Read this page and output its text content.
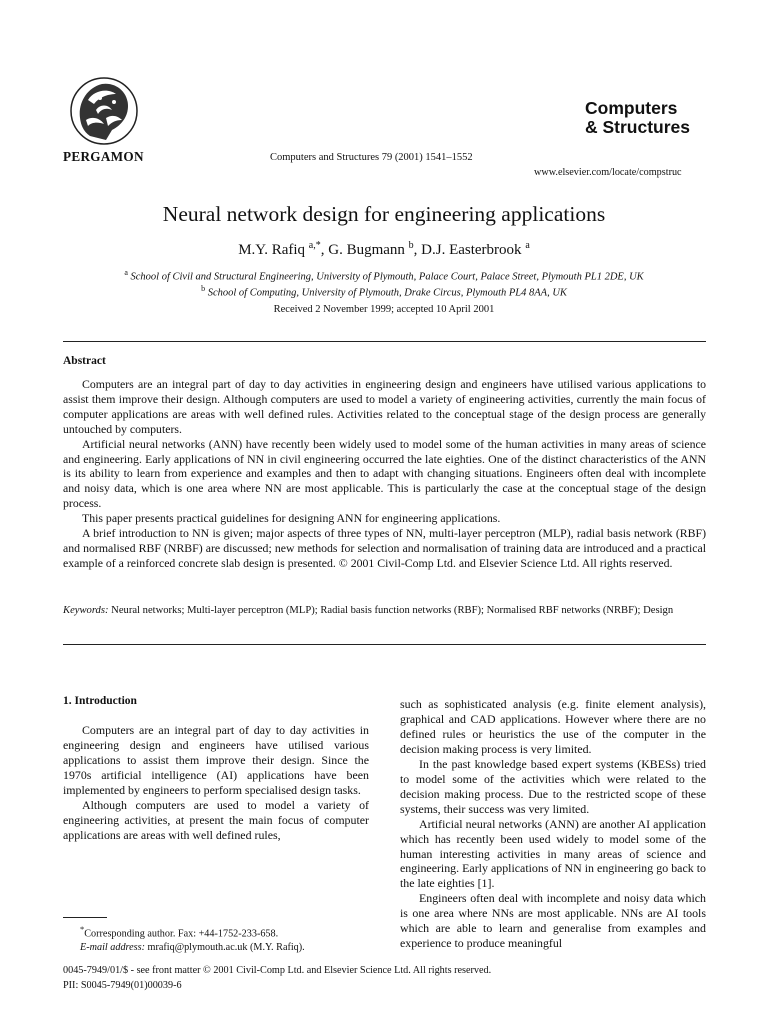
PERGAMON	Computers and Structures 79 (2001) 1541–1552
Computers
& Structures
www.elsevier.com/locate/compstruc
Neural network design for engineering applications
M.Y. Rafiq $^{a,*}$, G. Bugmann $^b$, D.J. Easterbrook $^a$
$^a$ School of Civil and Structural Engineering, University of Plymouth, Palace Court, Palace Street, Plymouth PL1 2DE, UK
$^b$ School of Computing, University of Plymouth, Drake Circus, Plymouth PL4 8AA, UK
Received 2 November 1999; accepted 10 April 2001
Abstract

Computers are an integral part of day to day activities in engineering design and engineers have utilised various applications to assist them improve their design. Although computers are used to model a variety of engineering activities, currently the main focus of computer applications are areas with well defined rules. Activities related to the conceptual stage of the design process are generally untouched by computers.

Artificial neural networks (ANN) have recently been widely used to model some of the human activities in many areas of science and engineering. Early applications of NN in civil engineering occurred the late eighties. One of the distinct characteristics of the ANN is its ability to learn from experience and examples and then to adapt with changing situations. Engineers often deal with incomplete and noisy data, which is one area where NN are most applicable. This is particularly the case at the conceptual stage of the design process.

This paper presents practical guidelines for designing ANN for engineering applications.

A brief introduction to NN is given; major aspects of three types of NN, multi-layer perceptron (MLP), radial basis network (RBF) and normalised RBF (NRBF) are discussed; new methods for selection and normalisation of training data are introduced and a practical example of a reinforced concrete slab design is presented. © 2001 Civil-Comp Ltd. and Elsevier Science Ltd. All rights reserved.

Keywords: Neural networks; Multi-layer perceptron (MLP); Radial basis function networks (RBF); Normalised RBF networks (NRBF); Design
1. Introduction

Computers are an integral part of day to day activities in engineering design and engineers have utilised various applications to assist them improve their design. Since the 1970s artificial intelligence (AI) applications have been implemented by engineers to perform specialised design tasks.

Although computers are used to model a variety of engineering activities, at present the main focus of computer applications are areas with well defined rules,

such as sophisticated analysis (e.g. finite element analysis), graphical and CAD applications. However where there are no defined rules or heuristics the use of the computer in the decision making process is very limited.

In the past knowledge based expert systems (KBESs) tried to model some of the activities which were related to the decision making process. Due to the restricted scope of these systems, their success was very limited.

Artificial neural networks (ANN) are another AI application which has recently been used widely to model some of the human interesting activities in many areas of science and engineering. Early applications of NN in engineering go back to the late eighties [1].

Engineers often deal with incomplete and noisy data which is one area where NNs are most applicable. NNs are AI tools which are able to learn and generalise from examples and experience to produce meaningful

*Corresponding author. Fax: +44-1752-233-658.
E-mail address: mrafiq@plymouth.ac.uk (M.Y. Rafiq).
0045-7949/01/$ - see front matter © 2001 Civil-Comp Ltd. and Elsevier Science Ltd. All rights reserved.
PII: S0045-7949(01)00039-6
